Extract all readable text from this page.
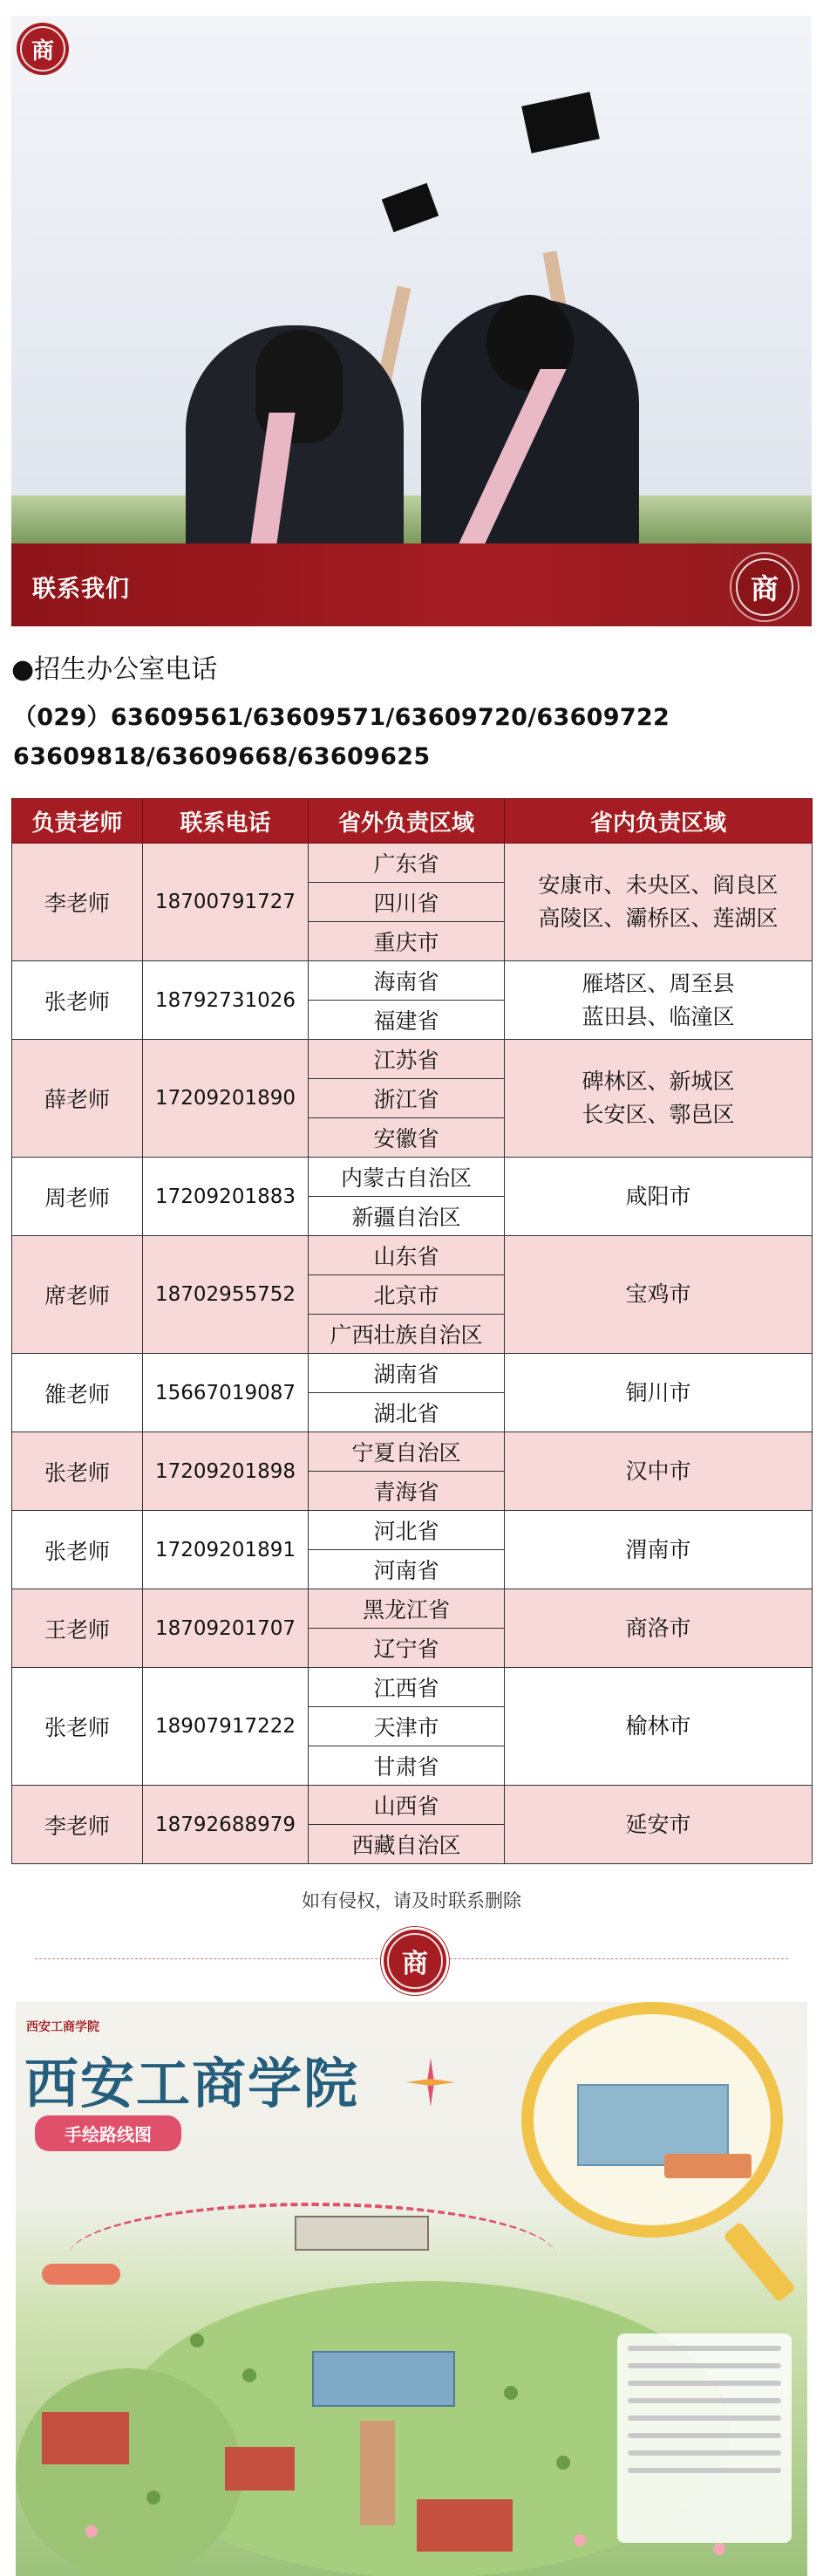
商
联系我们	商
●招生办公室电话
（029）63609561/63609571/63609720/63609722
63609818/63609668/63609625
负责老师	联系电话	省外负责区域	省内负责区域
李老师	18700791727	广东省	安康市、未央区、阎良区
高陵区、灞桥区、莲湖区

		四川省	
		重庆市	
张老师	18792731026	海南省	雁塔区、周至县
蓝田县、临潼区

		福建省	
薛老师	17209201890	江苏省	碑林区、新城区
长安区、鄠邑区

		浙江省	
		安徽省	
周老师	17209201883	内蒙古自治区	咸阳市

		新疆自治区	
席老师	18702955752	山东省	宝鸡市

		北京市	
		广西壮族自治区	
雒老师	15667019087	湖南省	铜川市

		湖北省	
张老师	17209201898	宁夏自治区	汉中市

		青海省	
张老师	17209201891	河北省	渭南市

		河南省	
王老师	18709201707	黑龙江省	商洛市

		辽宁省	
张老师	18907917222	江西省	榆林市

		天津市	
		甘肃省	
李老师	18792688979	山西省	延安市

		西藏自治区	
如有侵权，请及时联系删除
商
西安工商学院
西安工商学院
手绘路线图
